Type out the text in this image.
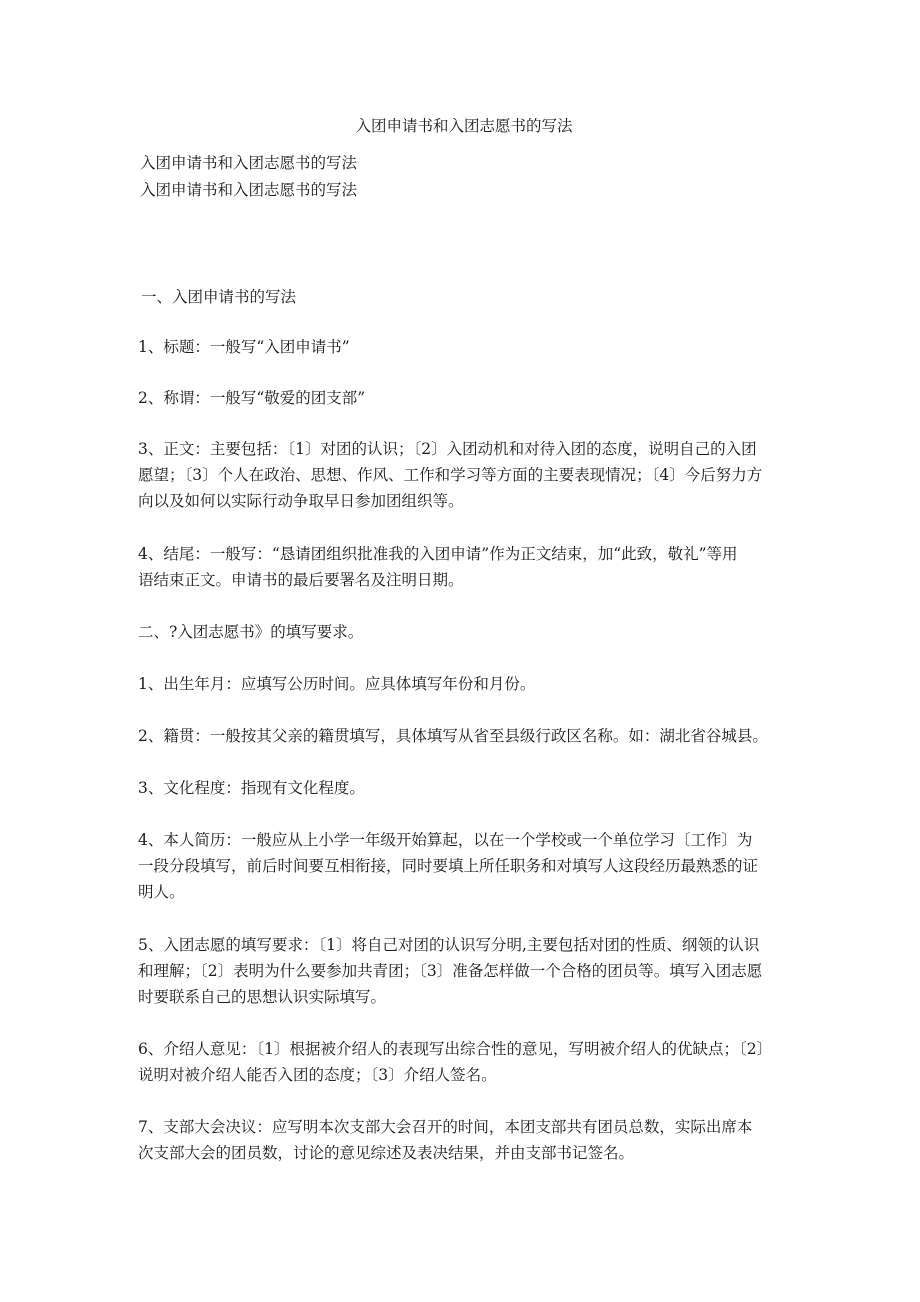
入团申请书和入团志愿书的写法
入团申请书和入团志愿书的写法
入团申请书和入团志愿书的写法
一、入团申请书的写法
1、标题：一般写“入团申请书”
2、称谓：一般写“敬爱的团支部”
3、正文：主要包括：〔1〕对团的认识；〔2〕入团动机和对待入团的态度，说明自己的入团
愿望；〔3〕个人在政治、思想、作风、工作和学习等方面的主要表现情况；〔4〕今后努力方
向以及如何以实际行动争取早日参加团组织等。
4、结尾：一般写：“恳请团组织批准我的入团申请”作为正文结束，加“此致，敬礼”等用
语结束正文。申请书的最后要署名及注明日期。
二、?入团志愿书》的填写要求。
1、出生年月：应填写公历时间。应具体填写年份和月份。
2、籍贯：一般按其父亲的籍贯填写，具体填写从省至县级行政区名称。如：湖北省谷城县。
3、文化程度：指现有文化程度。
4、本人简历：一般应从上小学一年级开始算起，以在一个学校或一个单位学习〔工作〕为
一段分段填写，前后时间要互相衔接，同时要填上所任职务和对填写人这段经历最熟悉的证
明人。
5、入团志愿的填写要求：〔1〕将自己对团的认识写分明,主要包括对团的性质、纲领的认识
和理解；〔2〕表明为什么要参加共青团；〔3〕准备怎样做一个合格的团员等。填写入团志愿
时要联系自己的思想认识实际填写。
6、介绍人意见：〔1〕根据被介绍人的表现写出综合性的意见，写明被介绍人的优缺点；〔2〕
说明对被介绍人能否入团的态度；〔3〕介绍人签名。
7、支部大会决议：应写明本次支部大会召开的时间，本团支部共有团员总数，实际出席本
次支部大会的团员数，讨论的意见综述及表决结果，并由支部书记签名。
